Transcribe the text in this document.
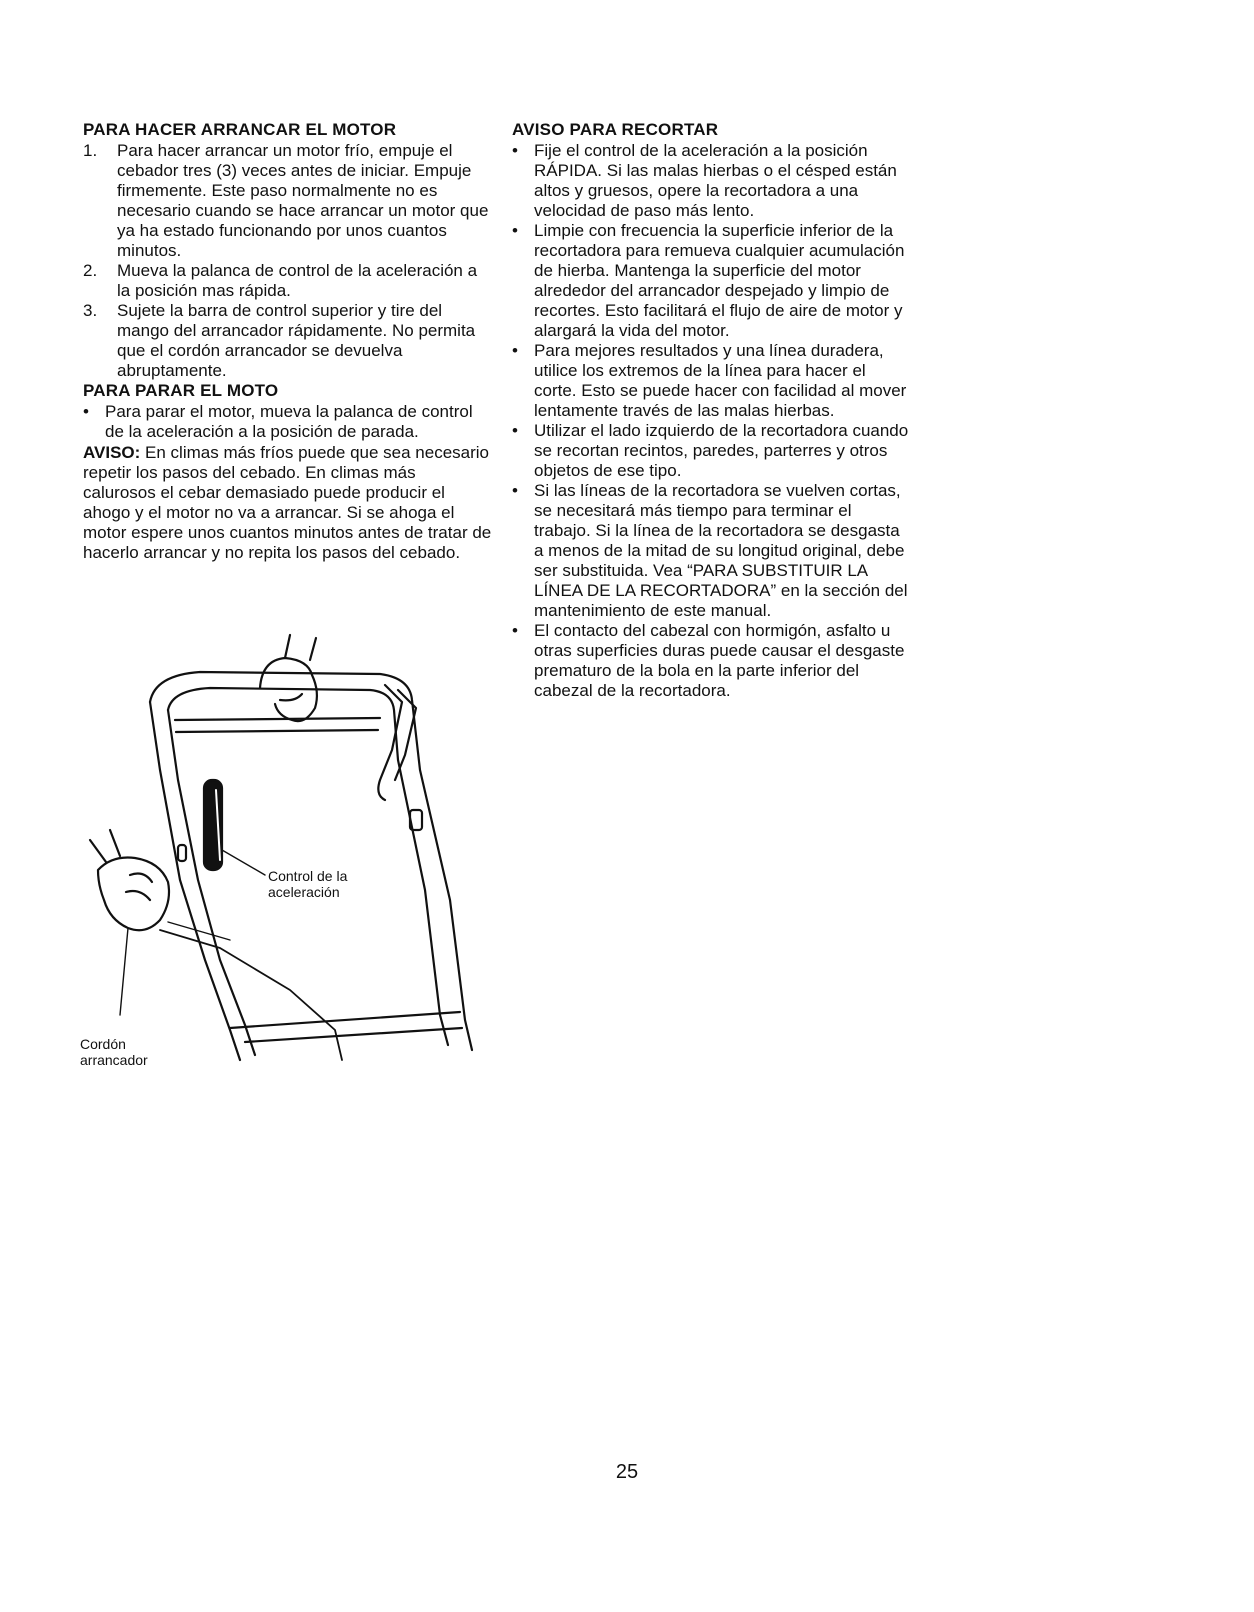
PARA HACER ARRANCAR EL MOTOR
1.	Para hacer arrancar un motor frío, empuje el cebador tres (3) veces antes de iniciar. Empuje firmemente. Este paso normalmente no es necesario cuando se hace arrancar un motor que ya ha estado funcionando por unos cuantos minutos.
2.	Mueva la palanca de control de la aceleración a la posición mas rápida.
3.	Sujete la barra de control superior y tire del mango del arrancador rápidamente. No permita que el cordón arrancador se devuelva abruptamente.
PARA PARAR EL MOTO
• Para parar el motor, mueva la palanca de control de la aceleración a la posición de parada.
AVISO: En climas más fríos puede que sea necesario repetir los pasos del cebado. En climas más calurosos el cebar demasiado puede producir el ahogo y el motor no va a arrancar. Si se ahoga el motor espere unos cuantos minutos antes de tratar de hacerlo arrancar y no repita los pasos del cebado.
AVISO PARA RECORTAR
• Fije el control de la aceleración a la posición RÁPIDA. Si las malas hierbas o el césped están altos y gruesos, opere la recortadora a una velocidad de paso más lento.
• Limpie con frecuencia la superficie inferior de la recortadora para remueva cualquier acumulación de hierba. Mantenga la superficie del motor alrededor del arrancador despejado y limpio de recortes. Esto facilitará el flujo de aire de motor y alargará la vida del motor.
• Para mejores resultados y una línea duradera, utilice los extremos de la línea para hacer el corte. Esto se puede hacer con facilidad al mover lentamente través de las malas hierbas.
• Utilizar el lado izquierdo de la recortadora cuando se recortan recintos, paredes, parterres y otros objetos de ese tipo.
• Si las líneas de la recortadora se vuelven cortas, se necesitará más tiempo para terminar el trabajo. Si la línea de la recortadora se desgasta a menos de la mitad de su longitud original, debe ser substituida. Vea “PARA SUBSTITUIR LA LÍNEA DE LA RECORTADORA” en la sección del mantenimiento de este manual.
• El contacto del cabezal con hormigón, asfalto u otras superficies duras puede causar el desgaste prematuro de la bola en la parte inferior del cabezal de la recortadora.
Control de la
aceleración
Cordón
arrancador
25
